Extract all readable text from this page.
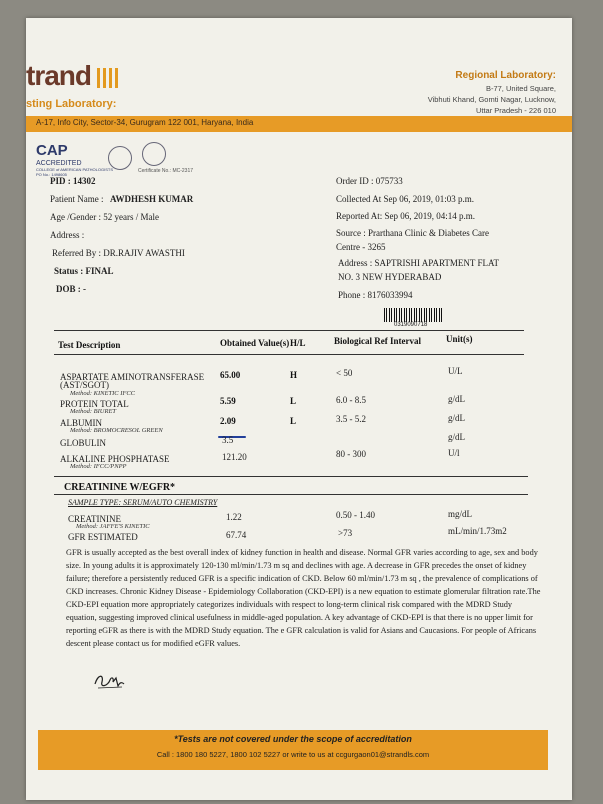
trand
sting Laboratory:
A-17, Info City, Sector-34, Gurugram 122 001, Haryana, India
Regional Laboratory:
B-77, United Square,
Vibhuti Khand, Gomti Nagar, Lucknow,
Uttar Pradesh - 226 010
CAP
ACCREDITED
COLLEGE of AMERICAN PATHOLOGISTS
PO No.: 1498605
Certificate No.: MC-2317
PID : 14302
Patient Name : AWDHESH KUMAR
Age /Gender : 52 years / Male
Address :
Referred By : DR.RAJIV AWASTHI
Status : FINAL
DOB : -
Order ID : 075733
Collected At Sep 06, 2019, 01:03 p.m.
Reported At: Sep 06, 2019, 04:14 p.m.
Source : Prarthana Clinic & Diabetes Care
Centre - 3265
Address : SAPTRISHI APARTMENT FLAT
NO. 3 NEW HYDERABAD
Phone : 8176033994
0319090718
Test Description	Obtained Value(s) H/L	Biological Ref Interval	Unit(s)
ASPARTATE AMINOTRANSFERASE
(AST/SGOT)
Method: KINETIC IFCC
65.00	H	< 50	U/L
PROTEIN TOTAL
Method: BIURET
5.59	L	6.0 - 8.5	g/dL
ALBUMIN
Method: BROMOCRESOL GREEN
2.09	L	3.5 - 5.2	g/dL
GLOBULIN	3.5	g/dL
ALKALINE PHOSPHATASE
Method: IFCC/PNPP
121.20	80 - 300	U/l
CREATININE W/EGFR*
SAMPLE TYPE: SERUM/AUTO CHEMISTRY
CREATININE
Method: JAFFE'S KINETIC
1.22	0.50 - 1.40	mg/dL
GFR ESTIMATED	67.74	>73	mL/min/1.73m2
GFR is usually accepted as the best overall index of kidney function in health and disease. Normal GFR varies according to age, sex and body size. In young adults it is approximately 120-130 ml/min/1.73 m sq and declines with age. A decrease in GFR precedes the onset of kidney failure; therefore a persistently reduced GFR is a specific indication of CKD. Below 60 ml/min/1.73 m sq , the prevalence of complications of CKD increases. Chronic Kidney Disease - Epidemiology Collaboration (CKD-EPI) is a new equation to estimate glomerular filtration rate.The CKD-EPI equation more appropriately categorizes individuals with respect to long-term clinical risk compared with the MDRD Study equation, suggesting improved clinical usefulness in middle-aged population. A key advantage of CKD-EPI is that there is no upper limit for reporting eGFR as there is with the MDRD Study equation. The e GFR calculation is valid for Asians and Caucasions. For people of Africans descent please contact us for modified eGFR values.
*Tests are not covered under the scope of accreditation
Call : 1800 180 5227, 1800 102 5227 or write to us at ccgurgaon01@strandls.com
